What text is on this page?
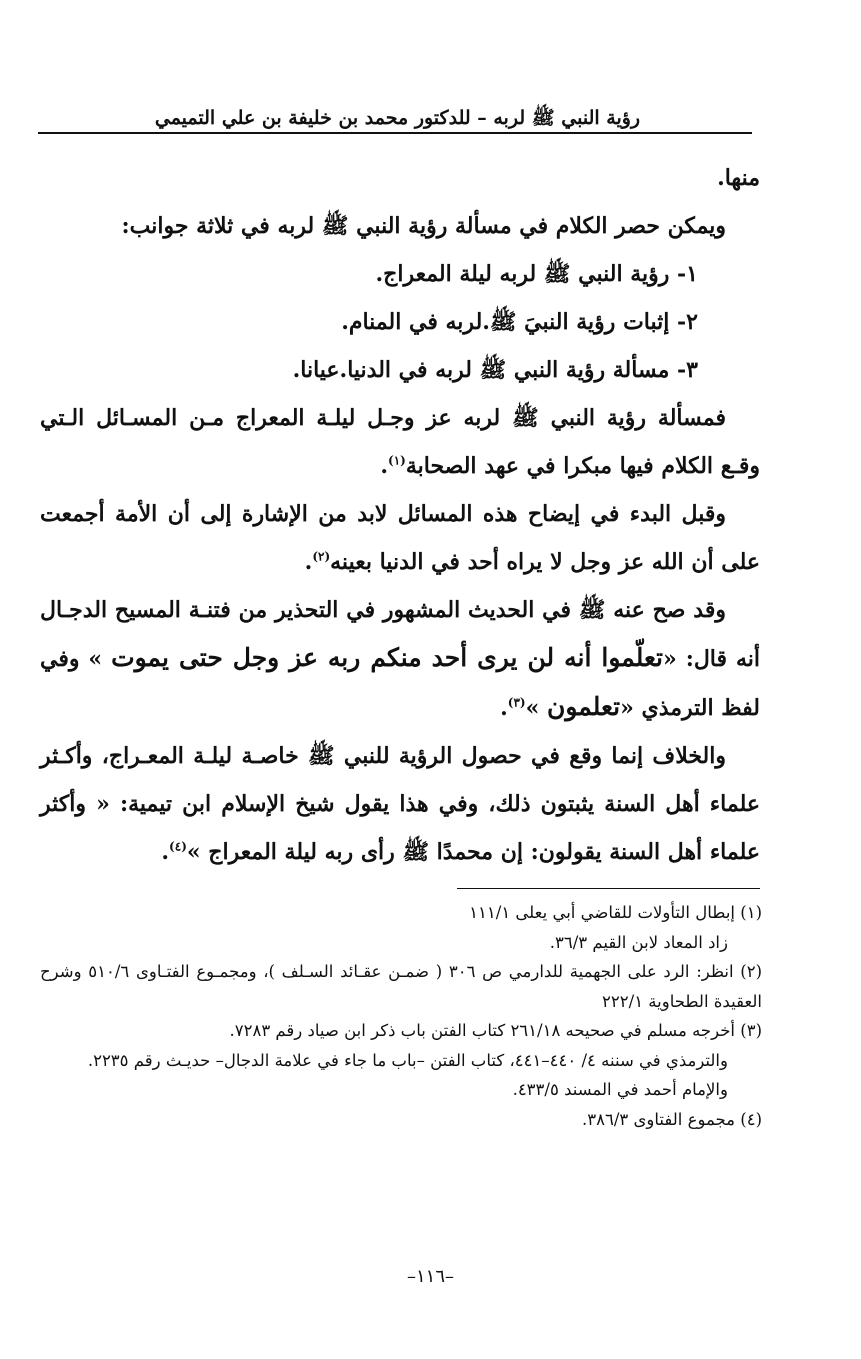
رؤية النبي ﷺ لربه – للدكتور محمد بن خليفة بن علي التميمي

منها.

ويمكن حصر الكلام في مسألة رؤية النبي ﷺ لربه في ثلاثة جوانب:

١- رؤية النبي ﷺ لربه ليلة المعراج.

٢- إثبات رؤية النبيَ ﷺ.لربه في المنام.

٣- مسألة رؤية النبي ﷺ لربه في الدنيا.عيانا.

فمسألة رؤية النبي ﷺ لربه عز وجـل ليلـة المعراج مـن المسـائل الـتي وقـع الكلام فيها مبكرا في عهد الصحابة$^{(١)}$.

وقبل البدء في إيضاح هذه المسائل لابد من الإشارة إلى أن الأمة أجمعت على أن الله عز وجل لا يراه أحد في الدنيا بعينه$^{(٢)}$.

وقد صح عنه ﷺ في الحديث المشهور في التحذير من فتنـة المسيح الدجـال أنه قال: «تعلّموا أنه لن يرى أحد منكم ربه عز وجل حتى يموت » وفي لفظ الترمذي «تعلمون »$^{(٣)}$.

والخلاف إنما وقع في حصول الرؤية للنبي ﷺ خاصـة ليلـة المعـراج، وأكـثر علماء أهل السنة يثبتون ذلك، وفي هذا يقول شيخ الإسلام ابن تيمية: « وأكثر علماء أهل السنة يقولون: إن محمدًا ﷺ رأى ربه ليلة المعراج »$^{(٤)}$.

(١) إبطال التأولات للقاضي أبي يعلى ١١١/١

زاد المعاد لابن القيم ٣٦/٣.

(٢) انظر: الرد على الجهمية للدارمي ص ٣٠٦ ( ضمـن عقـائد السـلف )، ومجمـوع الفتـاوى ٥١٠/٦ وشرح العقيدة الطحاوية ٢٢٢/١

(٣) أخرجه مسلم في صحيحه ٢٦١/١٨ كتاب الفتن باب ذكر ابن صياد رقم ٧٢٨٣.

والترمذي في سننه ٤/ ٤٤٠–٤٤١، كتاب الفتن –باب ما جاء في علامة الدجال– حديـث رقم ٢٢٣٥.

والإمام أحمد في المسند ٤٣٣/٥.

(٤) مجموع الفتاوى ٣٨٦/٣.

–١١٦–
